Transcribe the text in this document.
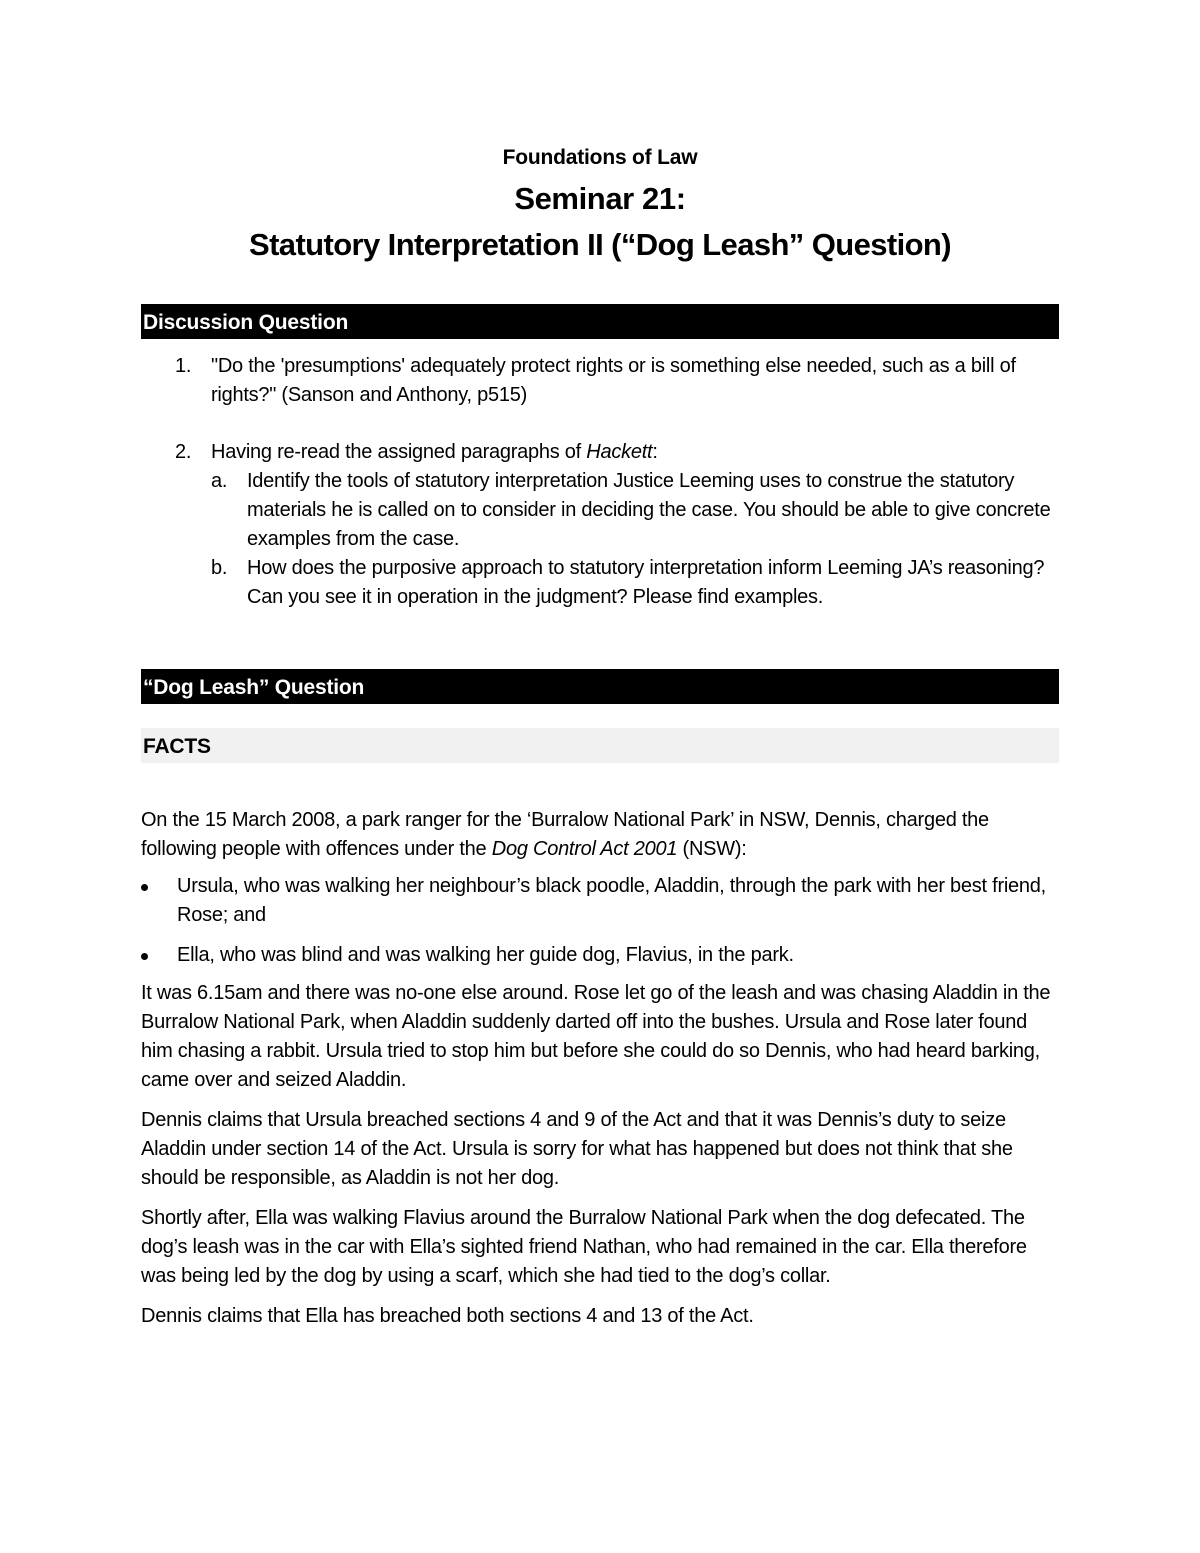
Foundations of Law

Seminar 21:

Statutory Interpretation II (“Dog Leash” Question)

Discussion Question
1. "Do the 'presumptions' adequately protect rights or is something else needed, such as a bill of rights?" (Sanson and Anthony, p515)
2. Having re-read the assigned paragraphs of Hackett:
a. Identify the tools of statutory interpretation Justice Leeming uses to construe the statutory materials he is called on to consider in deciding the case. You should be able to give concrete examples from the case.
b. How does the purposive approach to statutory interpretation inform Leeming JA’s reasoning? Can you see it in operation in the judgment? Please find examples.
“Dog Leash” Question
FACTS

On the 15 March 2008, a park ranger for the ‘Burralow National Park’ in NSW, Dennis, charged the following people with offences under the Dog Control Act 2001 (NSW):

Ursula, who was walking her neighbour’s black poodle, Aladdin, through the park with her best friend, Rose; and
Ella, who was blind and was walking her guide dog, Flavius, in the park.

It was 6.15am and there was no-one else around. Rose let go of the leash and was chasing Aladdin in the Burralow National Park, when Aladdin suddenly darted off into the bushes. Ursula and Rose later found him chasing a rabbit. Ursula tried to stop him but before she could do so Dennis, who had heard barking, came over and seized Aladdin.

Dennis claims that Ursula breached sections 4 and 9 of the Act and that it was Dennis’s duty to seize Aladdin under section 14 of the Act. Ursula is sorry for what has happened but does not think that she should be responsible, as Aladdin is not her dog.

Shortly after, Ella was walking Flavius around the Burralow National Park when the dog defecated. The dog’s leash was in the car with Ella’s sighted friend Nathan, who had remained in the car. Ella therefore was being led by the dog by using a scarf, which she had tied to the dog’s collar.

Dennis claims that Ella has breached both sections 4 and 13 of the Act.
